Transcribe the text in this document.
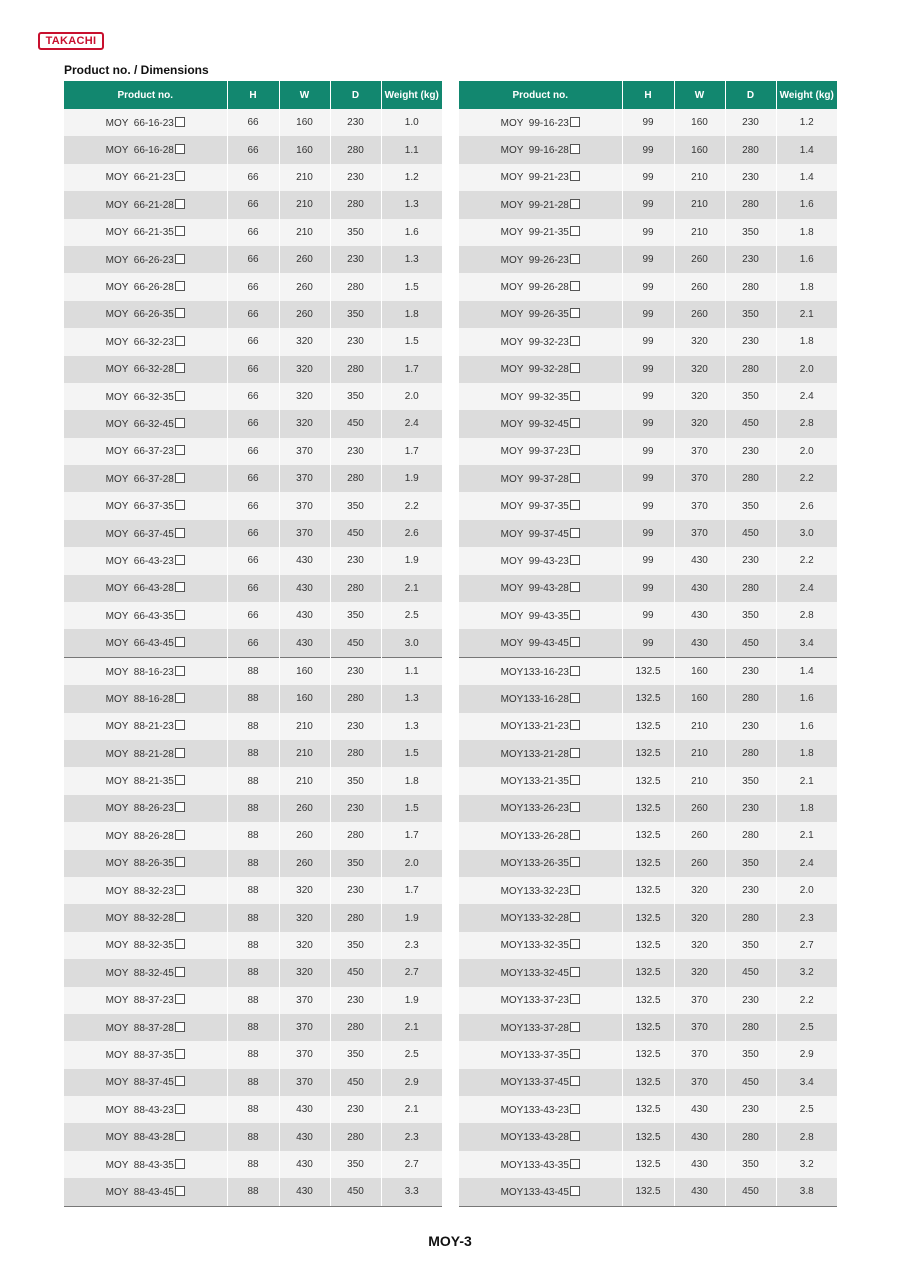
TAKACHI
Product no. / Dimensions
Product no.	H	W	D	Weight (kg)
MOY  66-16-23	66	160	230	1.0
MOY  66-16-28	66	160	280	1.1
MOY  66-21-23	66	210	230	1.2
MOY  66-21-28	66	210	280	1.3
MOY  66-21-35	66	210	350	1.6
MOY  66-26-23	66	260	230	1.3
MOY  66-26-28	66	260	280	1.5
MOY  66-26-35	66	260	350	1.8
MOY  66-32-23	66	320	230	1.5
MOY  66-32-28	66	320	280	1.7
MOY  66-32-35	66	320	350	2.0
MOY  66-32-45	66	320	450	2.4
MOY  66-37-23	66	370	230	1.7
MOY  66-37-28	66	370	280	1.9
MOY  66-37-35	66	370	350	2.2
MOY  66-37-45	66	370	450	2.6
MOY  66-43-23	66	430	230	1.9
MOY  66-43-28	66	430	280	2.1
MOY  66-43-35	66	430	350	2.5
MOY  66-43-45	66	430	450	3.0
MOY  88-16-23	88	160	230	1.1
MOY  88-16-28	88	160	280	1.3
MOY  88-21-23	88	210	230	1.3
MOY  88-21-28	88	210	280	1.5
MOY  88-21-35	88	210	350	1.8
MOY  88-26-23	88	260	230	1.5
MOY  88-26-28	88	260	280	1.7
MOY  88-26-35	88	260	350	2.0
MOY  88-32-23	88	320	230	1.7
MOY  88-32-28	88	320	280	1.9
MOY  88-32-35	88	320	350	2.3
MOY  88-32-45	88	320	450	2.7
MOY  88-37-23	88	370	230	1.9
MOY  88-37-28	88	370	280	2.1
MOY  88-37-35	88	370	350	2.5
MOY  88-37-45	88	370	450	2.9
MOY  88-43-23	88	430	230	2.1
MOY  88-43-28	88	430	280	2.3
MOY  88-43-35	88	430	350	2.7
MOY  88-43-45	88	430	450	3.3
Product no.	H	W	D	Weight (kg)
MOY  99-16-23	99	160	230	1.2
MOY  99-16-28	99	160	280	1.4
MOY  99-21-23	99	210	230	1.4
MOY  99-21-28	99	210	280	1.6
MOY  99-21-35	99	210	350	1.8
MOY  99-26-23	99	260	230	1.6
MOY  99-26-28	99	260	280	1.8
MOY  99-26-35	99	260	350	2.1
MOY  99-32-23	99	320	230	1.8
MOY  99-32-28	99	320	280	2.0
MOY  99-32-35	99	320	350	2.4
MOY  99-32-45	99	320	450	2.8
MOY  99-37-23	99	370	230	2.0
MOY  99-37-28	99	370	280	2.2
MOY  99-37-35	99	370	350	2.6
MOY  99-37-45	99	370	450	3.0
MOY  99-43-23	99	430	230	2.2
MOY  99-43-28	99	430	280	2.4
MOY  99-43-35	99	430	350	2.8
MOY  99-43-45	99	430	450	3.4
MOY133-16-23	132.5	160	230	1.4
MOY133-16-28	132.5	160	280	1.6
MOY133-21-23	132.5	210	230	1.6
MOY133-21-28	132.5	210	280	1.8
MOY133-21-35	132.5	210	350	2.1
MOY133-26-23	132.5	260	230	1.8
MOY133-26-28	132.5	260	280	2.1
MOY133-26-35	132.5	260	350	2.4
MOY133-32-23	132.5	320	230	2.0
MOY133-32-28	132.5	320	280	2.3
MOY133-32-35	132.5	320	350	2.7
MOY133-32-45	132.5	320	450	3.2
MOY133-37-23	132.5	370	230	2.2
MOY133-37-28	132.5	370	280	2.5
MOY133-37-35	132.5	370	350	2.9
MOY133-37-45	132.5	370	450	3.4
MOY133-43-23	132.5	430	230	2.5
MOY133-43-28	132.5	430	280	2.8
MOY133-43-35	132.5	430	350	3.2
MOY133-43-45	132.5	430	450	3.8
MOY-3
